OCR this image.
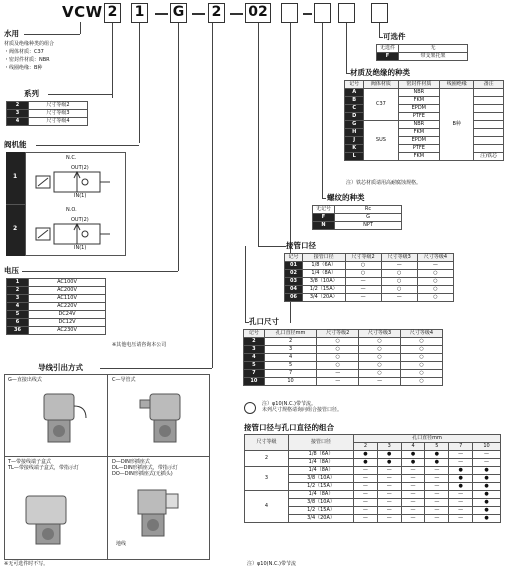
VCW 2 1 G 2 02
可选件
无选件	无
F	带支架托架
材质及绝缘的种类
记号	阀体材质	密封件材质	线圈绝缘	备注
A	C37	NBR	B种	
B		FKM		
C		EPDM		
D		PTFE		
G	SUS	NBR		
H		FKM		
J		EPDM		
K		PTFE		
L		FKM		注)铁芯
注）铁芯材质请用高耐腐蚀规格。
螺纹的种类
无记号	Rc
F	G
N	NPT
接管口径
记号	接管口径	尺寸等级2	尺寸等级3	尺寸等级4
01	1/8（6A）	○	—	—
02	1/4（8A）	○	○	○
03	3/8（10A）	—	○	○
04	1/2（15A）	—	○	○
06	3/4（20A）	—	—	○
孔口尺寸
记号	孔口直径mm	尺寸等级2	尺寸等级3	尺寸等级4
2	2	○	○	○
3	3	○	○	○
4	4	○	○	○
5	5	○	○	○
7	7	—	○	○
10	10	—	—	○
注）φ10(N.C.)带节流。
未列尺寸规格请询问组合接管口径。
接管口径与孔口直径的组合
尺寸等级	接管口径	孔口直径mm					
		2	3	4	5	7	10
2	1/8（6A）	●	●	●	●	—	—
	1/4（8A）	●	●	●	●	—	—
3	1/4（8A）	—	—	—	—	●	●
	3/8（10A）	—	—	—	—	●	●
	1/2（15A）	—	—	—	—	●	●
4	1/4（8A）	—	—	—	—	—	●
	3/8（10A）	—	—	—	—	—	●
	1/2（15A）	—	—	—	—	—	●
	3/4（20A）	—	—	—	—	—	●
水用
材质及绝缘种类的组合
・阀体材质：C37
・密封件材质：NBR
・线圈绝缘：B种
系列
2	尺寸等级2
3	尺寸等级3
4	尺寸等级4
阀机能
1
2
N.C.
OUT(2)
IN(1)
N.O.
OUT(2)
IN(1)
电压
1	AC100V
2	AC200V
3	AC110V
4	AC220V
5	DC24V
6	DC12V
36	AC230V
※其他电压请咨询本公司
导线引出方式
G—直接出线式	C—导管式
T—带接线端子盒式
TL—带接线端子盒式，带指示灯
D—DIN形插座式
DL—DIN形插座式，带指示灯
DO—DIN形插座式(无插头)
地线
※无可选件时不写。	注）φ10(N.C.)带节流
